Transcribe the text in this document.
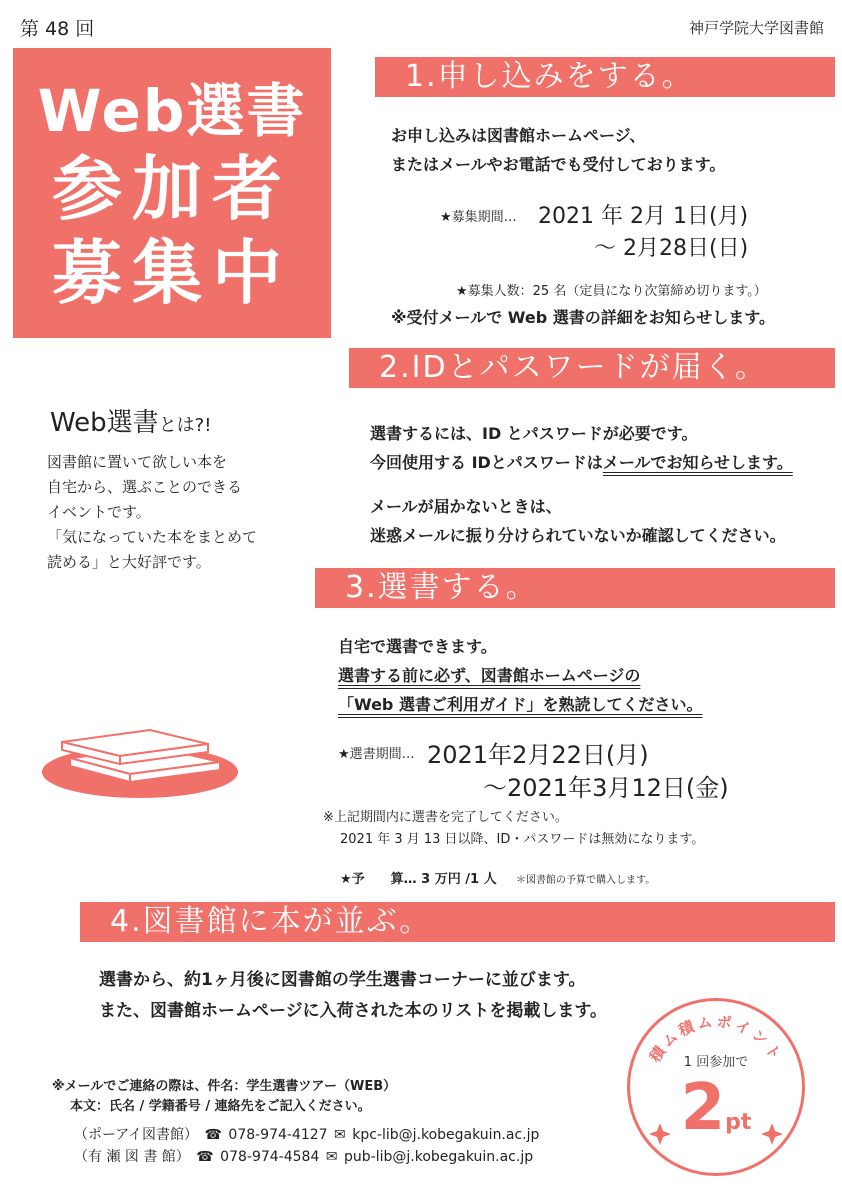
第 48 回	神戸学院大学図書館
Web選書
参加者
募集中
1.申し込みをする。
お申し込みは図書館ホームページ、
またはメールやお電話でも受付しております。
★募集期間… 2021 年 2月 1日(月)
～ 2月28日(日)
★募集人数：25 名（定員になり次第締め切ります。）
※受付メールで Web 選書の詳細をお知らせします。
Web選書とは?!
図書館に置いて欲しい本を
自宅から、選ぶことのできる
イベントです。
「気になっていた本をまとめて
読める」と大好評です。
2.IDとパスワードが届く。
選書するには、ID とパスワードが必要です。
今回使用する IDとパスワードはメールでお知らせします。
メールが届かないときは、
迷惑メールに振り分けられていないか確認してください。
3.選書する。
自宅で選書できます。
選書する前に必ず、図書館ホームページの
「Web 選書ご利用ガイド」を熟読してください。
★選書期間… 2021年2月22日(月)
～2021年3月12日(金)
※上記期間内に選書を完了してください。
2021 年 3 月 13 日以降、ID・パスワードは無効になります。
★予　　算… 3 万円 /1 人 ＊図書館の予算で購入します。
4.図書館に本が並ぶ。
選書から、約1ヶ月後に図書館の学生選書コーナーに並びます。
また、図書館ホームページに入荷された本のリストを掲載します。
※メールでご連絡の際は、件名：学生選書ツアー（WEB）
本文：氏名 / 学籍番号 / 連絡先をご記入ください。
（ポーアイ図書館） ☎ 078-974-4127 ✉ kpc-lib@j.kobegakuin.ac.jp
（有 瀬 図 書 館） ☎ 078-974-4584 ✉ pub-lib@j.kobegakuin.ac.jp
積ム積ムポイント
1 回参加で
2pt
